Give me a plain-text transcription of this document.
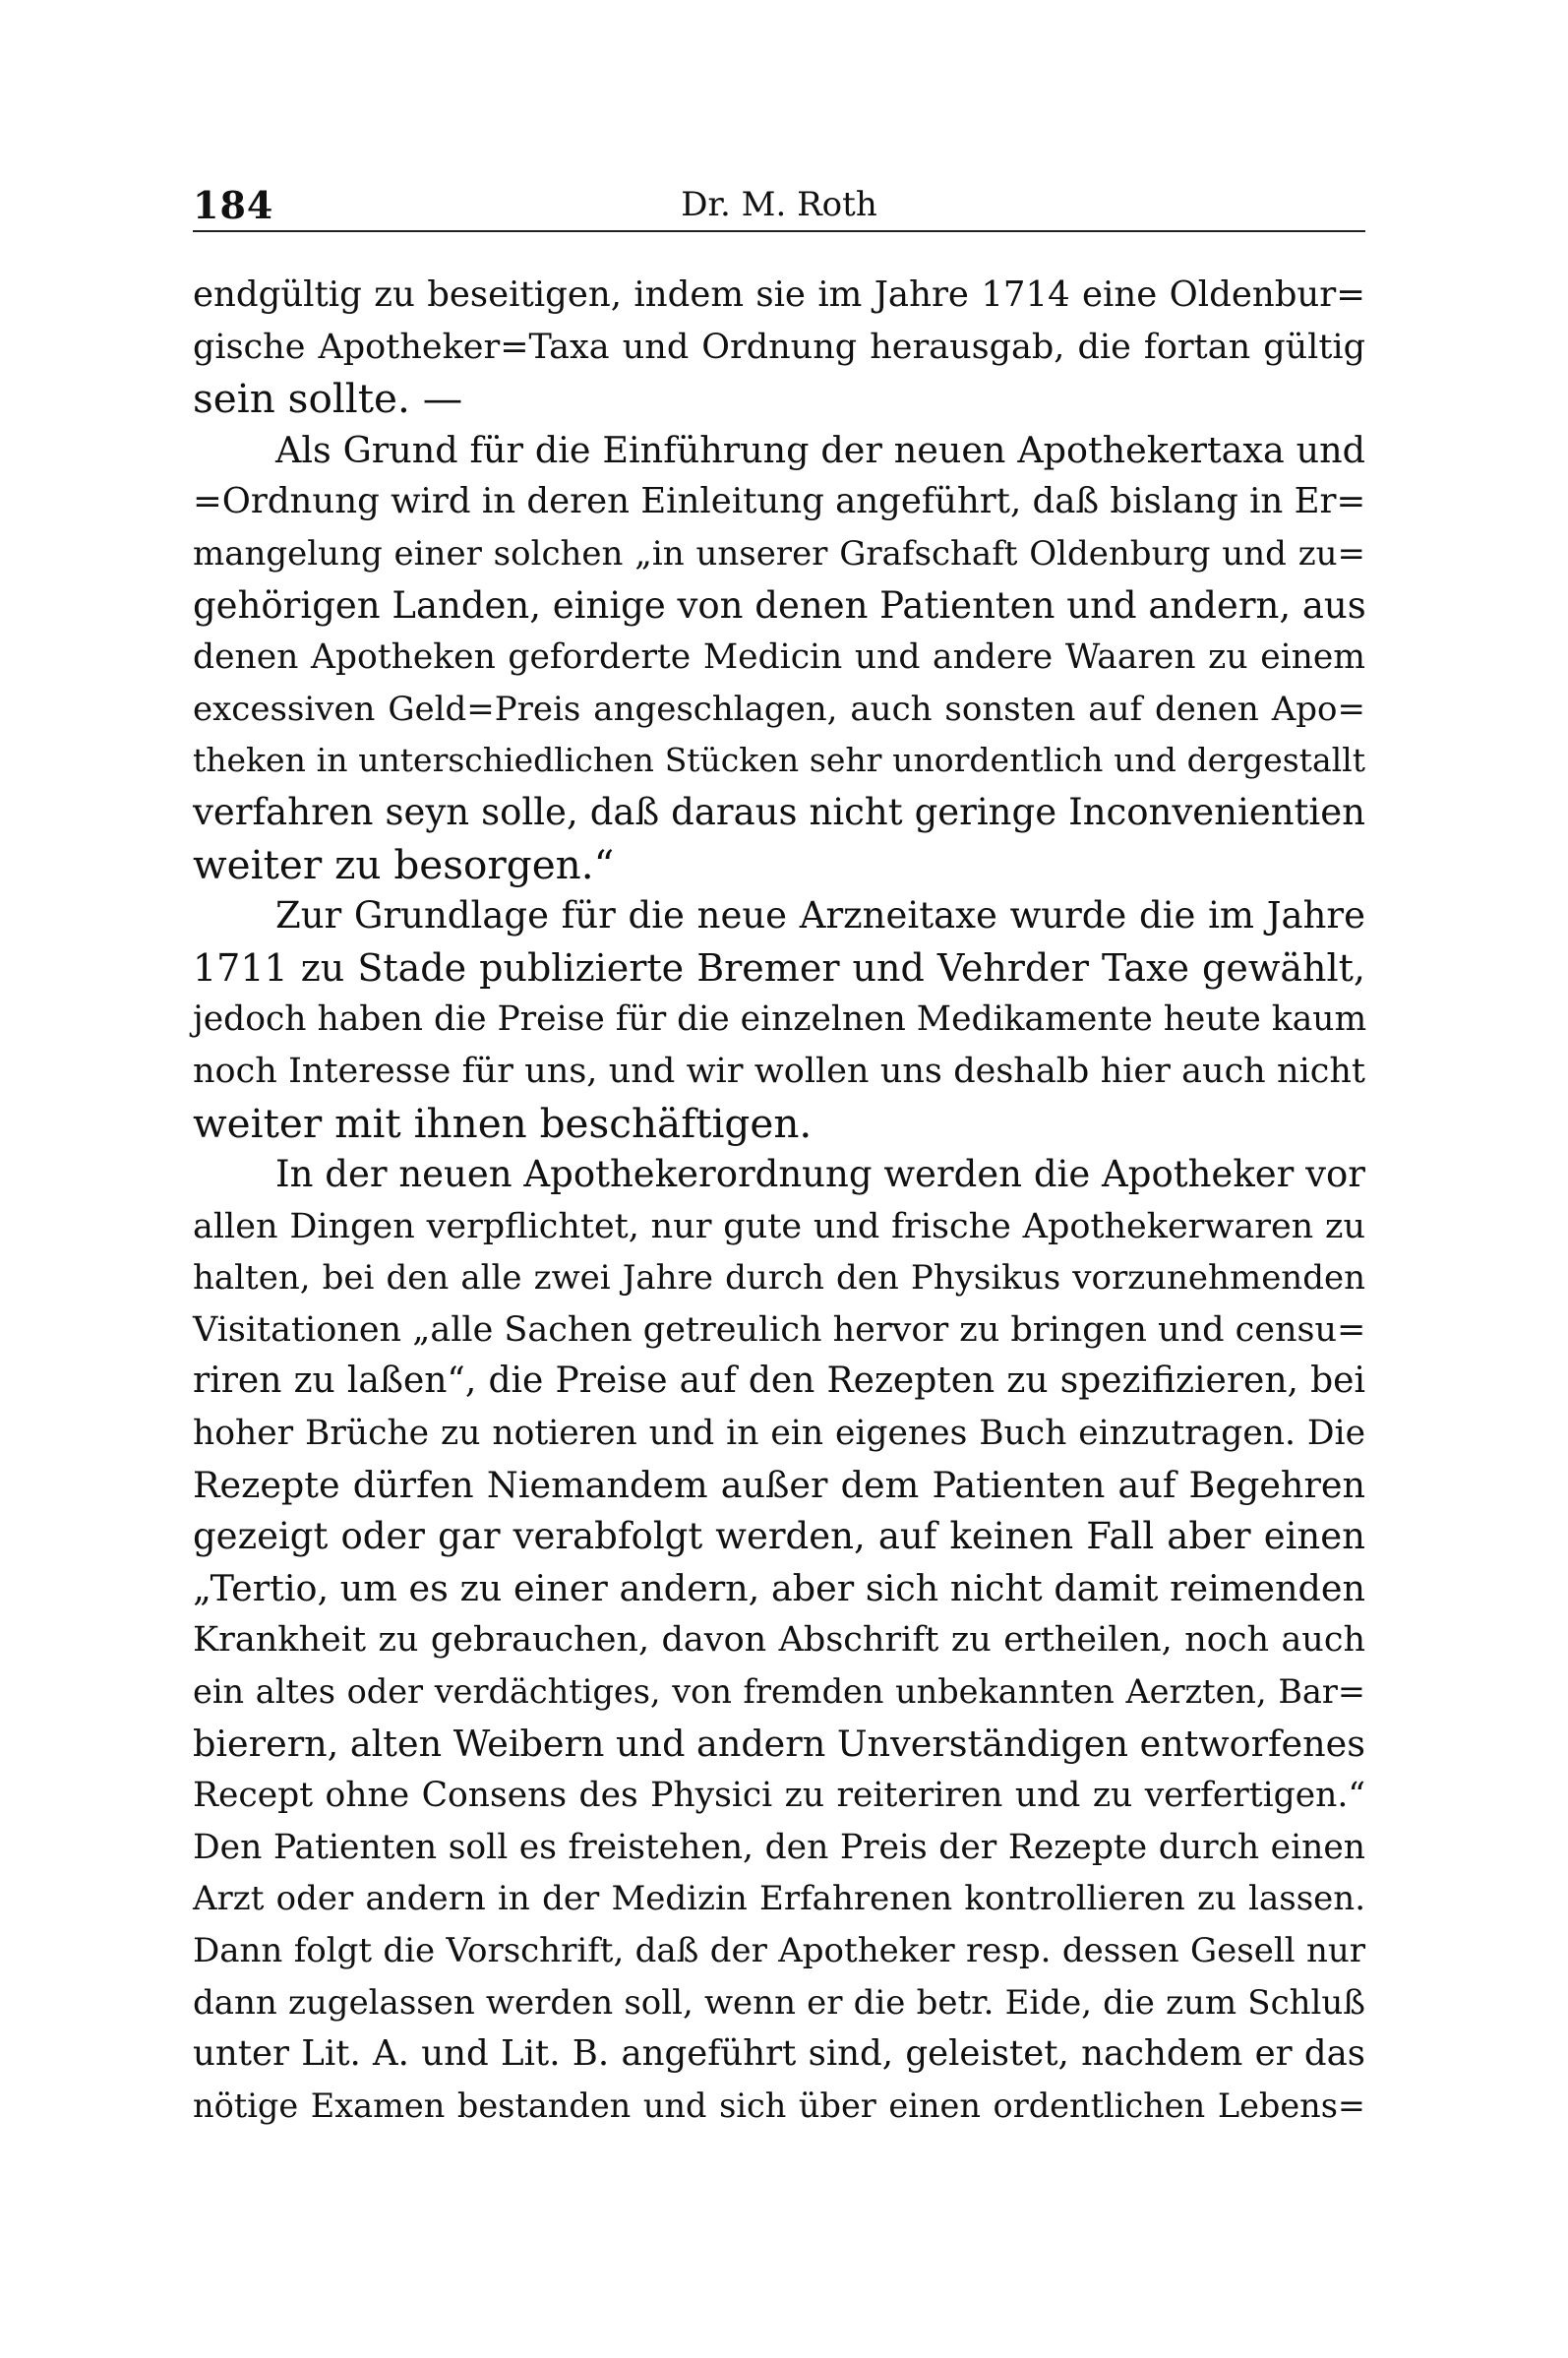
184	Dr. M. Roth
endgültig zu beseitigen, indem sie im Jahre 1714 eine Oldenbur=
gische Apotheker=Taxa und Ordnung herausgab, die fortan gültig
sein sollte. —
Als Grund für die Einführung der neuen Apothekertaxa und
=Ordnung wird in deren Einleitung angeführt, daß bislang in Er=
mangelung einer solchen „in unserer Grafschaft Oldenburg und zu=
gehörigen Landen, einige von denen Patienten und andern, aus
denen Apotheken geforderte Medicin und andere Waaren zu einem
excessiven Geld=Preis angeschlagen, auch sonsten auf denen Apo=
theken in unterschiedlichen Stücken sehr unordentlich und dergestallt
verfahren seyn solle, daß daraus nicht geringe Inconvenientien
weiter zu besorgen.“
Zur Grundlage für die neue Arzneitaxe wurde die im Jahre
1711 zu Stade publizierte Bremer und Vehrder Taxe gewählt,
jedoch haben die Preise für die einzelnen Medikamente heute kaum
noch Interesse für uns, und wir wollen uns deshalb hier auch nicht
weiter mit ihnen beschäftigen.
In der neuen Apothekerordnung werden die Apotheker vor
allen Dingen verpflichtet, nur gute und frische Apothekerwaren zu
halten, bei den alle zwei Jahre durch den Physikus vorzunehmenden
Visitationen „alle Sachen getreulich hervor zu bringen und censu=
riren zu laßen“, die Preise auf den Rezepten zu spezifizieren, bei
hoher Brüche zu notieren und in ein eigenes Buch einzutragen. Die
Rezepte dürfen Niemandem außer dem Patienten auf Begehren
gezeigt oder gar verabfolgt werden, auf keinen Fall aber einen
„Tertio, um es zu einer andern, aber sich nicht damit reimenden
Krankheit zu gebrauchen, davon Abschrift zu ertheilen, noch auch
ein altes oder verdächtiges, von fremden unbekannten Aerzten, Bar=
bierern, alten Weibern und andern Unverständigen entworfenes
Recept ohne Consens des Physici zu reiteriren und zu verfertigen.“
Den Patienten soll es freistehen, den Preis der Rezepte durch einen
Arzt oder andern in der Medizin Erfahrenen kontrollieren zu lassen.
Dann folgt die Vorschrift, daß der Apotheker resp. dessen Gesell nur
dann zugelassen werden soll, wenn er die betr. Eide, die zum Schluß
unter Lit. A. und Lit. B. angeführt sind, geleistet, nachdem er das
nötige Examen bestanden und sich über einen ordentlichen Lebens=
